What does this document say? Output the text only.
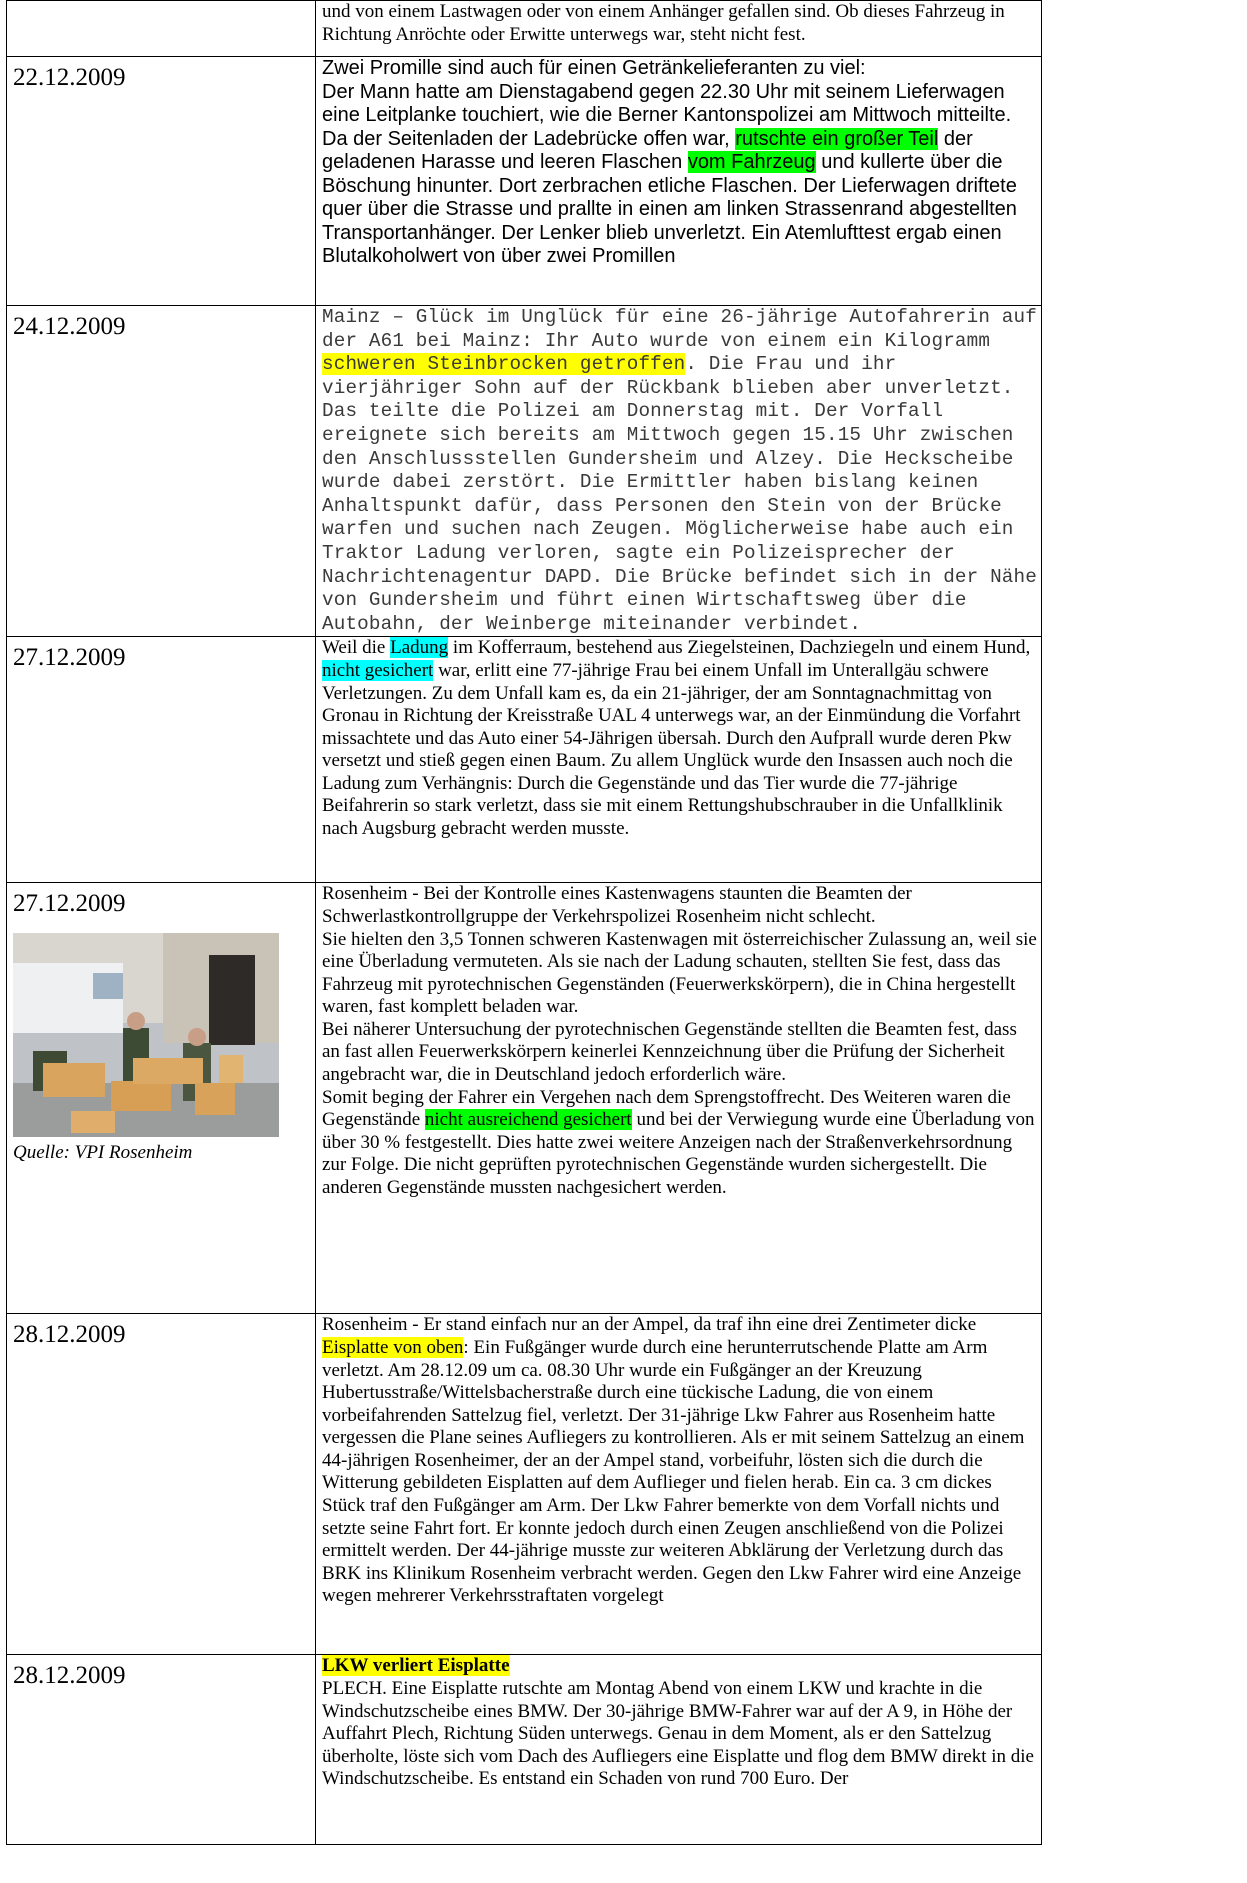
	und von einem Lastwagen oder von einem Anhänger gefallen sind. Ob dieses Fahrzeug in Richtung Anröchte oder Erwitte unterwegs war, steht nicht fest.

22.12.2009	Zwei Promille sind auch für einen Getränkelieferanten zu viel:
Der Mann hatte am Dienstagabend gegen 22.30 Uhr mit seinem Lieferwagen eine Leitplanke touchiert, wie die Berner Kantonspolizei am Mittwoch mitteilte. Da der Seitenladen der Ladebrücke offen war, rutschte ein großer Teil der geladenen Harasse und leeren Flaschen vom Fahrzeug und kullerte über die Böschung hinunter. Dort zerbrachen etliche Flaschen. Der Lieferwagen driftete quer über die Strasse und prallte in einen am linken Strassenrand abgestellten Transportanhänger. Der Lenker blieb unverletzt. Ein Atemlufttest ergab einen Blutalkoholwert von über zwei Promillen

24.12.2009	Mainz – Glück im Unglück für eine 26-jährige Autofahrerin auf der A61 bei Mainz: Ihr Auto wurde von einem ein Kilogramm schweren Steinbrocken getroffen. Die Frau und ihr vierjähriger Sohn auf der Rückbank blieben aber unverletzt. Das teilte die Polizei am Donnerstag mit. Der Vorfall ereignete sich bereits am Mittwoch gegen 15.15 Uhr zwischen den Anschlussstellen Gundersheim und Alzey. Die Heckscheibe wurde dabei zerstört. Die Ermittler haben bislang keinen Anhaltspunkt dafür, dass Personen den Stein von der Brücke warfen und suchen nach Zeugen. Möglicherweise habe auch ein Traktor Ladung verloren, sagte ein Polizeisprecher der Nachrichtenagentur DAPD. Die Brücke befindet sich in der Nähe von Gundersheim und führt einen Wirtschaftsweg über die Autobahn, der Weinberge miteinander verbindet.

27.12.2009	Weil die Ladung im Kofferraum, bestehend aus Ziegelsteinen, Dachziegeln und einem Hund, nicht gesichert war, erlitt eine 77-jährige Frau bei einem Unfall im Unterallgäu schwere Verletzungen. Zu dem Unfall kam es, da ein 21-jähriger, der am Sonntagnachmittag von Gronau in Richtung der Kreisstraße UAL 4 unterwegs war, an der Einmündung die Vorfahrt missachtete und das Auto einer 54-Jährigen übersah. Durch den Aufprall wurde deren Pkw versetzt und stieß gegen einen Baum. Zu allem Unglück wurde den Insassen auch noch die Ladung zum Verhängnis: Durch die Gegenstände und das Tier wurde die 77-jährige Beifahrerin so stark verletzt, dass sie mit einem Rettungshubschrauber in die Unfallklinik nach Augsburg gebracht werden musste.

27.12.2009
Quelle: VPI Rosenheim	Rosenheim - Bei der Kontrolle eines Kastenwagens staunten die Beamten der Schwerlastkontrollgruppe der Verkehrspolizei Rosenheim nicht schlecht.
Sie hielten den 3,5 Tonnen schweren Kastenwagen mit österreichischer Zulassung an, weil sie eine Überladung vermuteten. Als sie nach der Ladung schauten, stellten Sie fest, dass das Fahrzeug mit pyrotechnischen Gegenständen (Feuerwerkskörpern), die in China hergestellt waren, fast komplett beladen war.
Bei näherer Untersuchung der pyrotechnischen Gegenstände stellten die Beamten fest, dass an fast allen Feuerwerkskörpern keinerlei Kennzeichnung über die Prüfung der Sicherheit angebracht war, die in Deutschland jedoch erforderlich wäre.
Somit beging der Fahrer ein Vergehen nach dem Sprengstoffrecht. Des Weiteren waren die Gegenstände nicht ausreichend gesichert und bei der Verwiegung wurde eine Überladung von über 30 % festgestellt. Dies hatte zwei weitere Anzeigen nach der Straßenverkehrsordnung zur Folge. Die nicht geprüften pyrotechnischen Gegenstände wurden sichergestellt. Die anderen Gegenstände mussten nachgesichert werden.

28.12.2009	Rosenheim - Er stand einfach nur an der Ampel, da traf ihn eine drei Zentimeter dicke Eisplatte von oben: Ein Fußgänger wurde durch eine herunterrutschende Platte am Arm verletzt. Am 28.12.09 um ca. 08.30 Uhr wurde ein Fußgänger an der Kreuzung Hubertusstraße/Wittelsbacherstraße durch eine tückische Ladung, die von einem vorbeifahrenden Sattelzug fiel, verletzt. Der 31-jährige Lkw Fahrer aus Rosenheim hatte vergessen die Plane seines Aufliegers zu kontrollieren. Als er mit seinem Sattelzug an einem 44-jährigen Rosenheimer, der an der Ampel stand, vorbeifuhr, lösten sich die durch die Witterung gebildeten Eisplatten auf dem Auflieger und fielen herab. Ein ca. 3 cm dickes Stück traf den Fußgänger am Arm. Der Lkw Fahrer bemerkte von dem Vorfall nichts und setzte seine Fahrt fort. Er konnte jedoch durch einen Zeugen anschließend von die Polizei ermittelt werden. Der 44-jährige musste zur weiteren Abklärung der Verletzung durch das BRK ins Klinikum Rosenheim verbracht werden. Gegen den Lkw Fahrer wird eine Anzeige wegen mehrerer Verkehrsstraftaten vorgelegt

28.12.2009	LKW verliert Eisplatte
PLECH. Eine Eisplatte rutschte am Montag Abend von einem LKW und krachte in die Windschutzscheibe eines BMW. Der 30-jährige BMW-Fahrer war auf der A 9, in Höhe der Auffahrt Plech, Richtung Süden unterwegs. Genau in dem Moment, als er den Sattelzug überholte, löste sich vom Dach des Aufliegers eine Eisplatte und flog dem BMW direkt in die Windschutzscheibe. Es entstand ein Schaden von rund 700 Euro. Der
